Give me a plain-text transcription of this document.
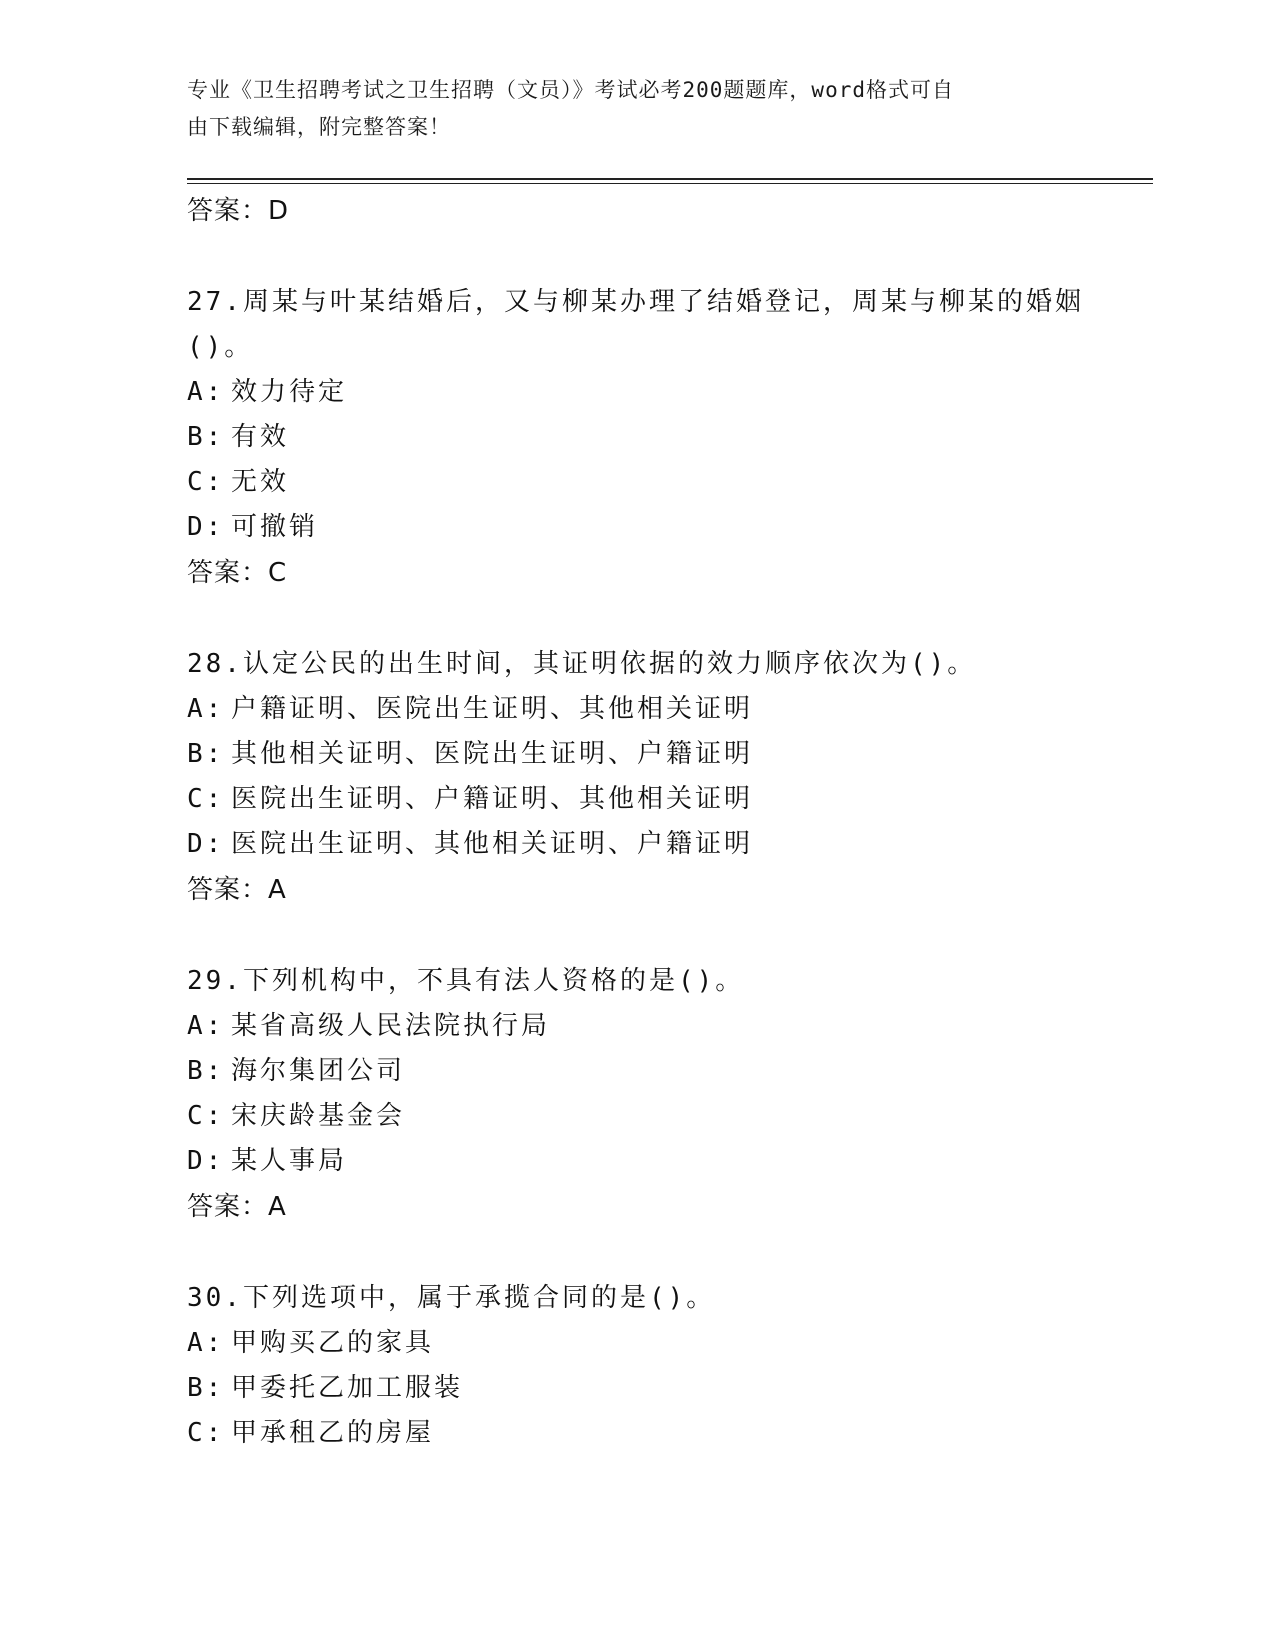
专业《卫生招聘考试之卫生招聘（文员）》考试必考200题题库，word格式可自
由下载编辑，附完整答案！
答案：D
27.周某与叶某结婚后，又与柳某办理了结婚登记，周某与柳某的婚姻
()。
A: 效力待定
B: 有效
C: 无效
D: 可撤销
答案：C
28.认定公民的出生时间，其证明依据的效力顺序依次为()。
A: 户籍证明、医院出生证明、其他相关证明
B: 其他相关证明、医院出生证明、户籍证明
C: 医院出生证明、户籍证明、其他相关证明
D: 医院出生证明、其他相关证明、户籍证明
答案：A
29.下列机构中，不具有法人资格的是()。
A: 某省高级人民法院执行局
B: 海尔集团公司
C: 宋庆龄基金会
D: 某人事局
答案：A
30.下列选项中，属于承揽合同的是()。
A: 甲购买乙的家具
B: 甲委托乙加工服装
C: 甲承租乙的房屋
